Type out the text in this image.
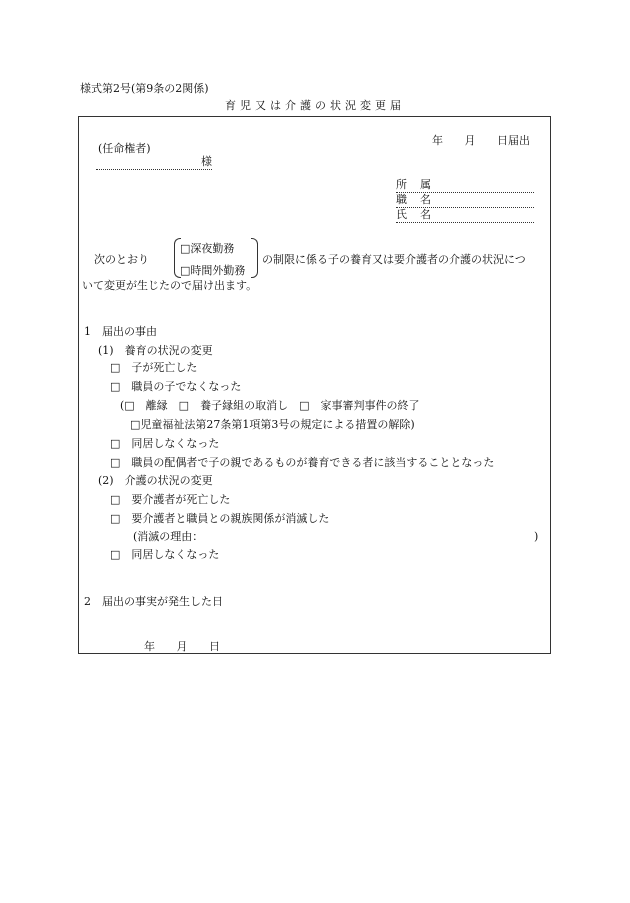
様式第2号(第9条の2関係)
育児又は介護の状況変更届
年 月 日届出
(任命権者)
様
所属
職名
氏名
次のとおり
□深夜勤務
□時間外勤務
の制限に係る子の養育又は要介護者の介護の状況につ
いて変更が生じたので届け出ます。
1　届出の事由
(1)　養育の状況の変更
□　子が死亡した
□　職員の子でなくなった
(□　離縁　□　養子縁組の取消し　□　家事審判事件の終了
□児童福祉法第27条第1項第3号の規定による措置の解除)
□　同居しなくなった
□　職員の配偶者で子の親であるものが養育できる者に該当することとなった
(2)　介護の状況の変更
□　要介護者が死亡した
□　要介護者と職員との親族関係が消滅した
(消滅の理由：	)
□　同居しなくなった
2　届出の事実が発生した日
年 月 日
